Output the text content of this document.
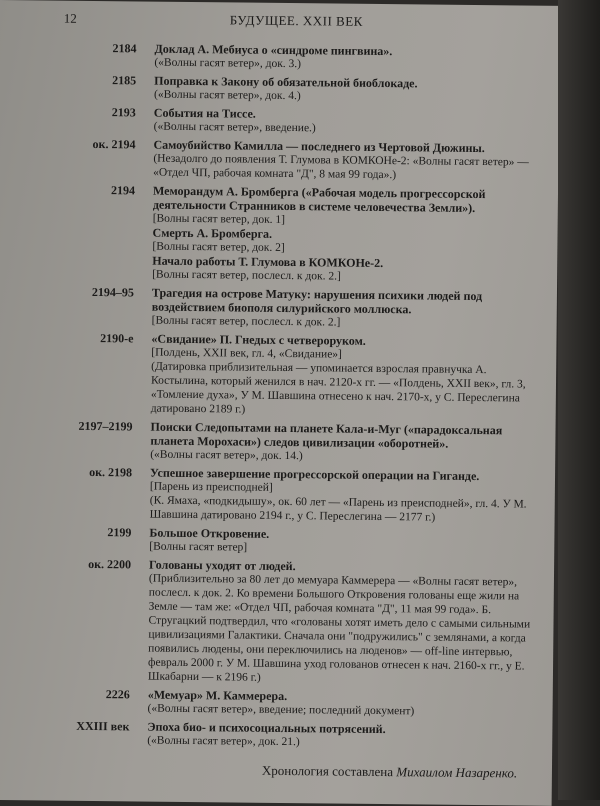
12	БУДУЩЕЕ. XXII ВЕК
2184	Доклад А. Мебиуса о «синдроме пингвина».

(«Волны гасят ветер», док. 3.)

2185	Поправка к Закону об обязательной биоблокаде.

(«Волны гасят ветер», док. 4.)

2193	События на Тиссе.

(«Волны гасят ветер», введение.)

ок. 2194	Самоубийство Камилла — последнего из Чертовой Дюжины.

(Незадолго до появления Т. Глумова в КОМКОНе-2: «Волны гасят ветер» — «Отдел ЧП, рабочая комната "Д", 8 мая 99 года».)

2194	Меморандум А. Бромберга («Рабочая модель прогрессорской деятельности Странников в системе человечества Земли»).

[Волны гасят ветер, док. 1]

Смерть А. Бромберга.

[Волны гасят ветер, док. 2]

Начало работы Т. Глумова в КОМКОНе-2.

[Волны гасят ветер, послесл. к док. 2.]

2194–95	Трагедия на острове Матуку: нарушения психики людей под воздействием биополя силурийского моллюска.

[Волны гасят ветер, послесл. к док. 2.]

2190-е	«Свидание» П. Гнедых с четвероруком.

[Полдень, XXII век, гл. 4, «Свидание»]

(Датировка приблизительная — упоминается взрослая правнучка А. Костылина, который женился в нач. 2120-х гг. — «Полдень, XXII век», гл. 3, «Томление духа», У М. Шавшина отнесено к нач. 2170-х, у С. Переслегина датировано 2189 г.)

2197–2199	Поиски Следопытами на планете Кала-и-Муг («парадоксальная планета Морохаси») следов цивилизации «оборотней».

(«Волны гасят ветер», док. 14.)

ок. 2198	Успешное завершение прогрессорской операции на Гиганде.

[Парень из преисподней]

(К. Ямаха, «подкидышу», ок. 60 лет — «Парень из преисподней», гл. 4. У М. Шавшина датировано 2194 г., у С. Переслегина — 2177 г.)

2199	Большое Откровение.

[Волны гасят ветер]

ок. 2200	Голованы уходят от людей.

(Приблизительно за 80 лет до мемуара Каммерера — «Волны гасят ветер», послесл. к док. 2. Ко времени Большого Откровения голованы еще жили на Земле — там же: «Отдел ЧП, рабочая комната "Д", 11 мая 99 года». Б. Стругацкий подтвердил, что «голованы хотят иметь дело с самыми сильными цивилизациями Галактики. Сначала они "подружились" с землянами, а когда появились людены, они переключились на люденов» — off-line интервью, февраль 2000 г. У М. Шавшина уход голованов отнесен к нач. 2160-х гг., у Е. Шкабарни — к 2196 г.)

2226	«Мемуар» М. Каммерера.

(«Волны гасят ветер», введение; последний документ)

XXIII век	Эпоха био- и психосоциальных потрясений.

(«Волны гасят ветер», док. 21.)

Хронология составлена Михаилом Назаренко.
